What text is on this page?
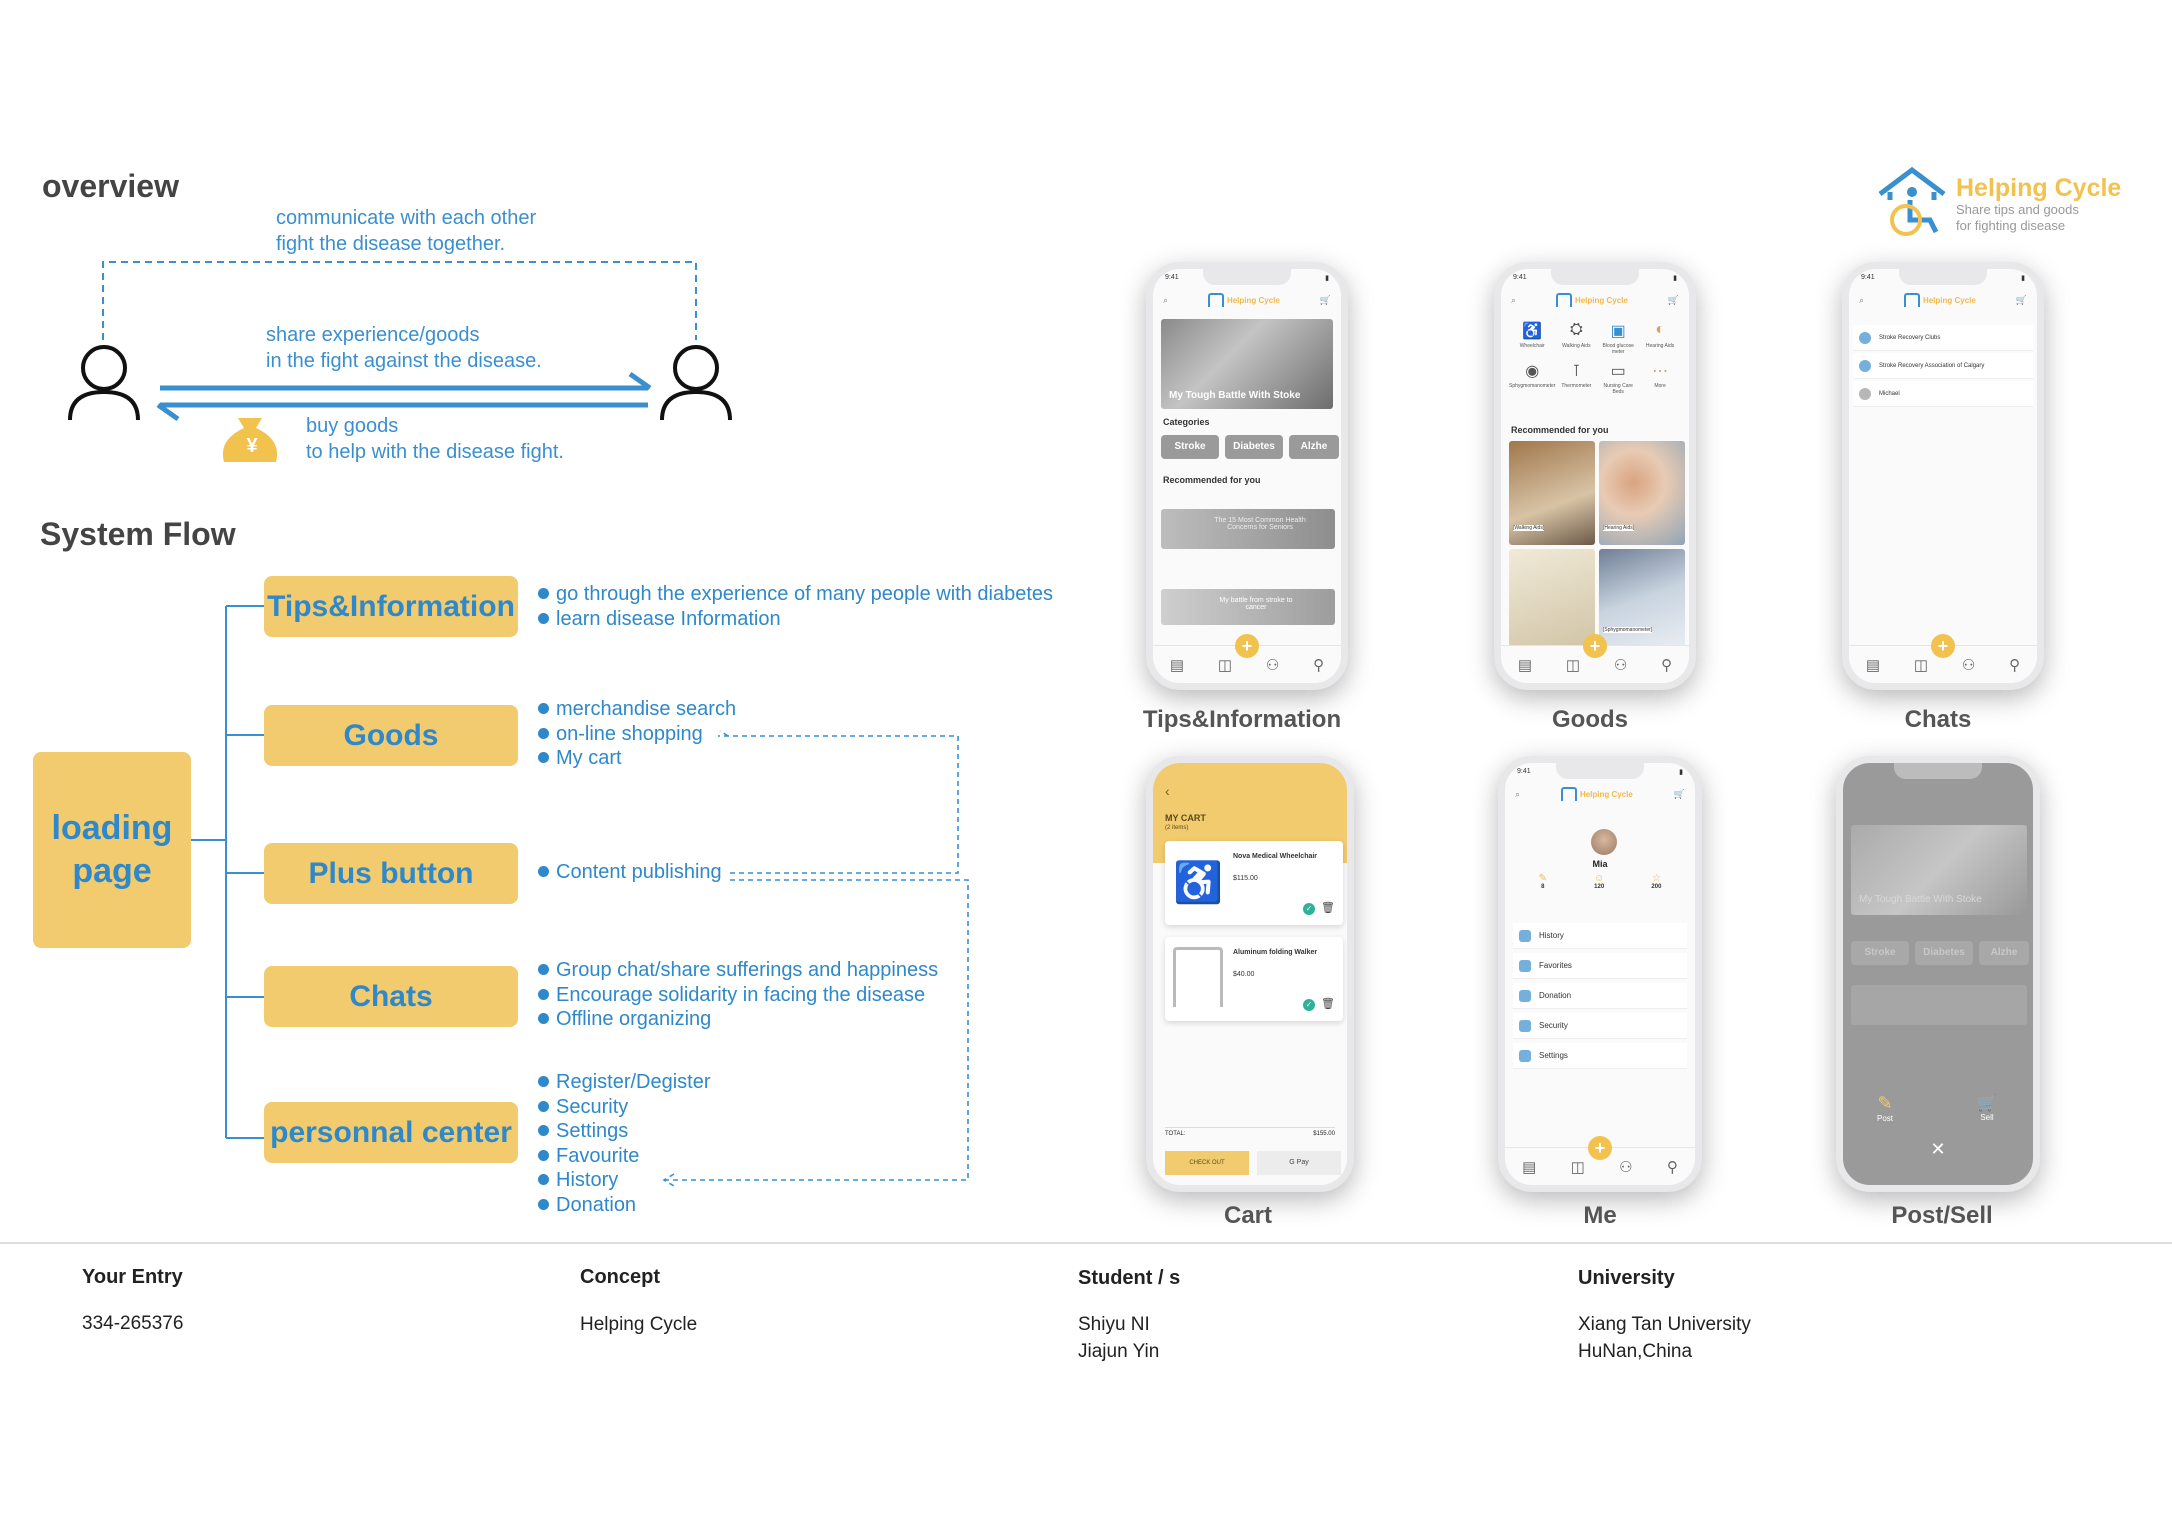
overview
communicate with each other
fight the disease together.
¥
share experience/goods
in the fight against the disease.
buy goods
to help with the disease fight.
System Flow
loading
page
Tips&Information
Goods
Plus button
Chats
personnal center
go through the experience of many people with diabetes
learn disease Information
merchandise search
on-line shopping
My cart
Content publishing
Group chat/share sufferings and happiness
Encourage solidarity in facing the disease
Offline organizing
Register/Degister
Security
Settings
Favourite
History
Donation
Helping Cycle
Share tips and goods
for fighting disease
9:41	▮
⌕	Helping Cycle	🛒
My Tough Battle With Stoke
Categories
Stroke	Diabetes	Alzhe
Recommended for you
The 15 Most Common Health Concerns for Seniors
My battle from stroke to cancer
▤ ◫
+
⚇ ⚲
Tips&Information
9:41	▮
⌕	Helping Cycle	🛒
♿
Wheelchair
⛭
Walking Aids
▣
Blood glucose meter
◐
Hearing Aids
◉
Sphygmomanometer
⊺
Thermometer
▭
Nursing Care Beds
⋯
More
Recommended for you
[Walking Aids]	[Hearing Aids]
[Sphygmomanometer]
▤ ◫
+
⚇ ⚲
Goods
9:41	▮
⌕	Helping Cycle	🛒
Stroke Recovery Clubs
Stroke Recovery Association of Calgary
Michael
▤ ◫
+
⚇ ⚲
Chats
‹
MY CART
(2 items)
♿
Nova Medical Wheelchair
$115.00
✓ 🗑
Aluminum folding Walker
$40.00
✓ 🗑
TOTAL:	$155.00
CHECK OUT	G Pay
Cart
9:41	▮
⌕	Helping Cycle	🛒
Mia
✎
8
☺
120
☆
200
History
Favorites
Donation
Security
Settings
▤ ◫
+
⚇ ⚲
Me
My Tough Battle With Stoke
Stroke	Diabetes	Alzhe
✎
Post
🛒
Sell
✕
Post/Sell
Your Entry
334-265376
Concept
Helping Cycle
Student / s
Shiyu NI
Jiajun Yin
University
Xiang Tan University
HuNan,China
